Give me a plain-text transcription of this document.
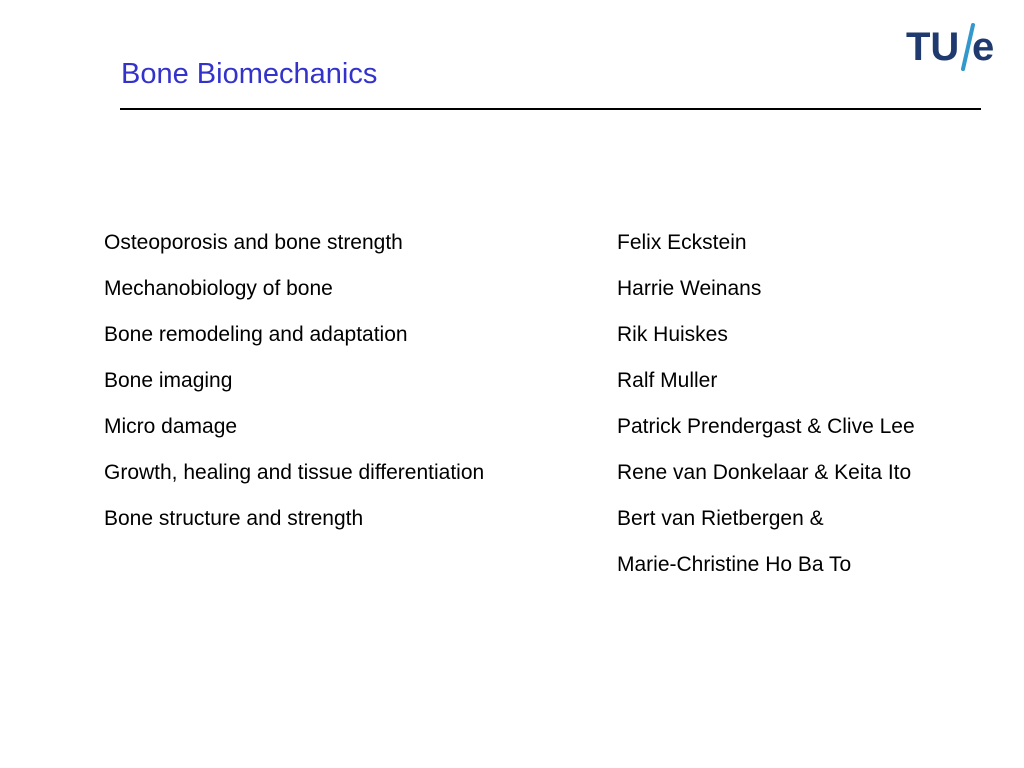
Bone Biomechanics
TU e
Osteoporosis and bone strength	Felix Eckstein
Mechanobiology of bone	Harrie Weinans
Bone remodeling and adaptation	Rik Huiskes
Bone imaging	Ralf Muller
Micro damage	Patrick Prendergast & Clive Lee
Growth, healing and tissue differentiation	Rene van Donkelaar & Keita Ito
Bone structure and strength	Bert van Rietbergen &
Marie-Christine Ho Ba To
